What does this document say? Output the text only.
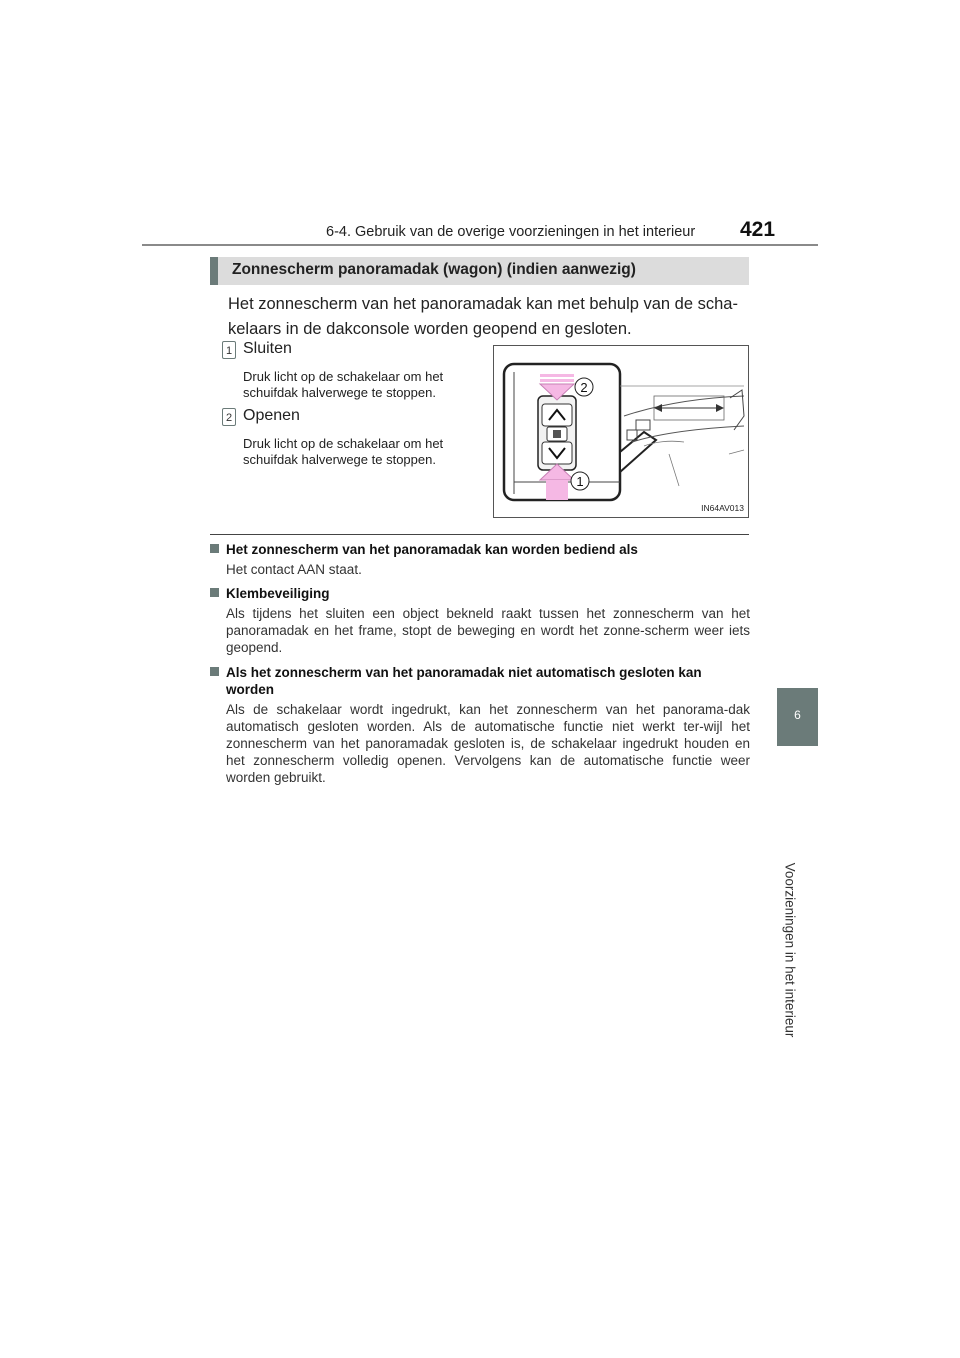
6-4. Gebruik van de overige voorzieningen in het interieur 421
6
Voorzieningen in het interieur
Zonnescherm panoramadak (wagon) (indien aanwezig)
Het zonnescherm van het panoramadak kan met behulp van de scha-kelaars in de dakconsole worden geopend en gesloten.
1 Sluiten
Druk licht op de schakelaar om het schuifdak halverwege te stoppen.
2 Openen
Druk licht op de schakelaar om het schuifdak halverwege te stoppen.
2
1
IN64AV013
Het zonnescherm van het panoramadak kan worden bediend als
Het contact AAN staat.
Klembeveiliging
Als tijdens het sluiten een object bekneld raakt tussen het zonnescherm van het panoramadak en het frame, stopt de beweging en wordt het zonne-scherm weer iets geopend.
Als het zonnescherm van het panoramadak niet automatisch gesloten kan worden
Als de schakelaar wordt ingedrukt, kan het zonnescherm van het panorama-dak automatisch gesloten worden. Als de automatische functie niet werkt ter-wijl het zonnescherm van het panoramadak gesloten is, de schakelaar ingedrukt houden en het zonnescherm volledig openen. Vervolgens kan de automatische functie weer worden gebruikt.
